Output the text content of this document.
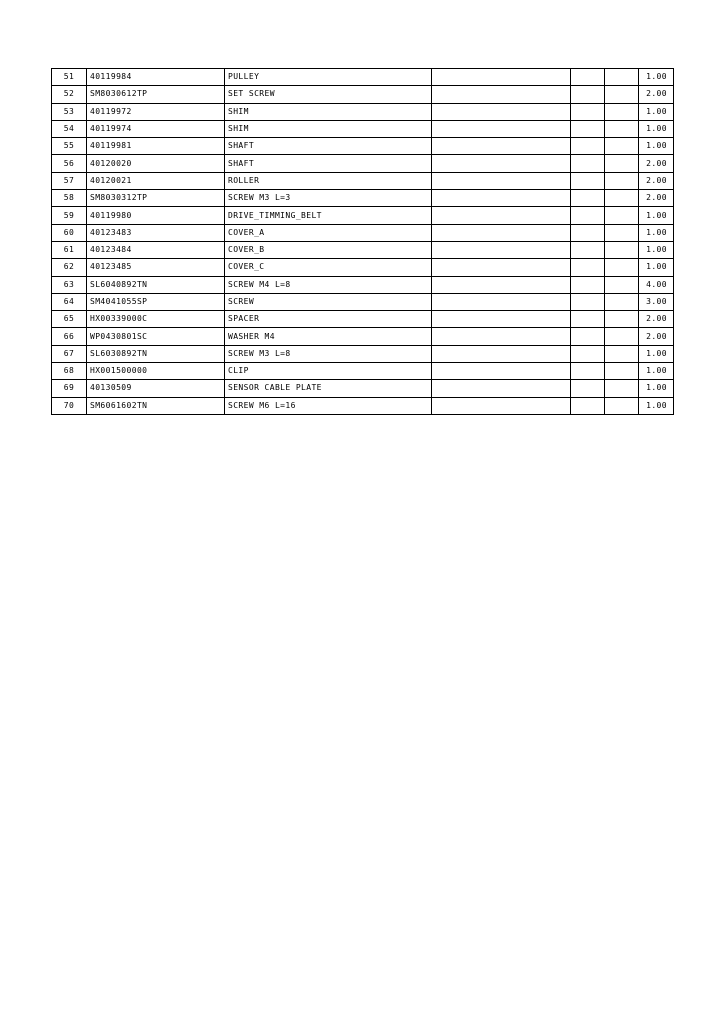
51	40119984	PULLEY				1.00
52	SM8030612TP	SET SCREW				2.00
53	40119972	SHIM				1.00
54	40119974	SHIM				1.00
55	40119981	SHAFT				1.00
56	40120020	SHAFT				2.00
57	40120021	ROLLER				2.00
58	SM8030312TP	SCREW M3 L=3				2.00
59	40119980	DRIVE_TIMMING_BELT				1.00
60	40123483	COVER_A				1.00
61	40123484	COVER_B				1.00
62	40123485	COVER_C				1.00
63	SL6040892TN	SCREW M4 L=8				4.00
64	SM4041055SP	SCREW				3.00
65	HX00339000C	SPACER				2.00
66	WP0430801SC	WASHER M4				2.00
67	SL6030892TN	SCREW M3 L=8				1.00
68	HX001500000	CLIP				1.00
69	40130509	SENSOR CABLE PLATE				1.00
70	SM6061602TN	SCREW M6 L=16				1.00
